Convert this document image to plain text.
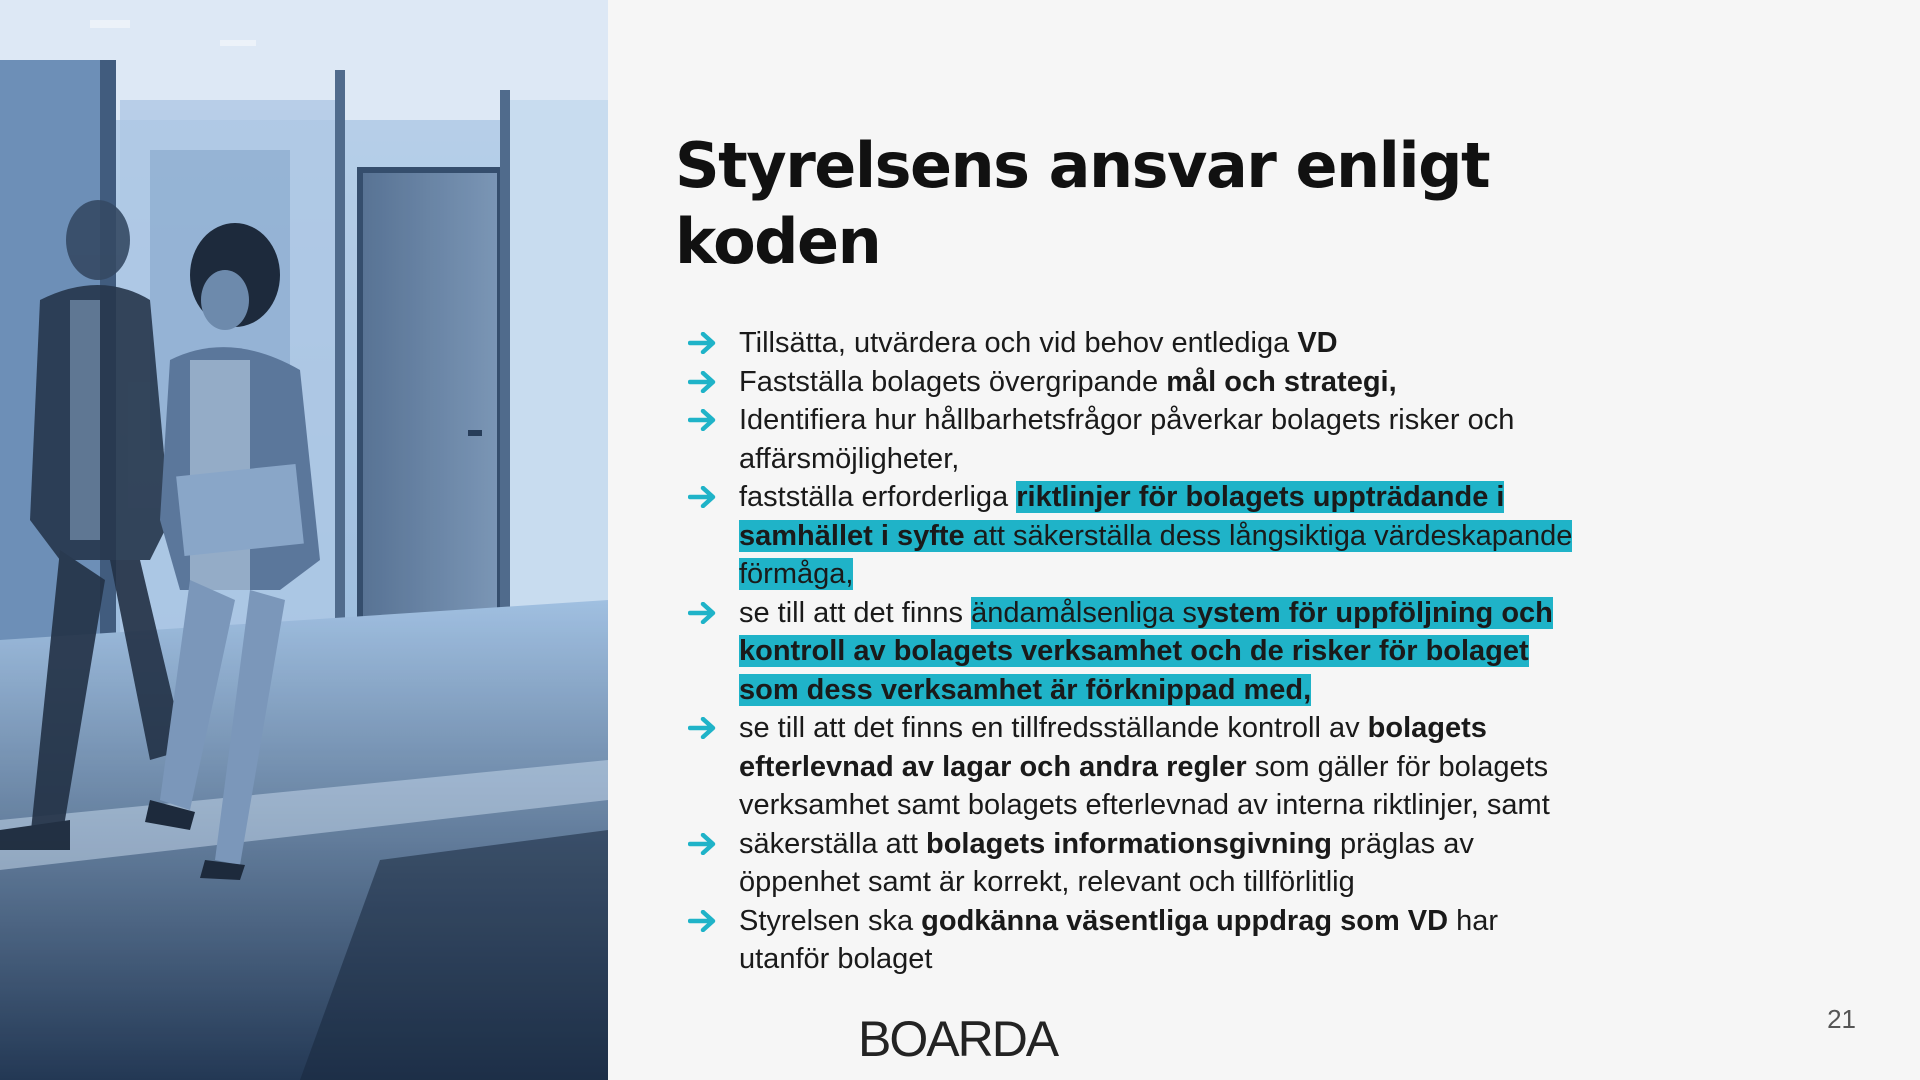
Styrelsens ansvar enligt koden
Tillsätta, utvärdera och vid behov entlediga VD
Fastställa bolagets övergripande mål och strategi,
Identifiera hur hållbarhetsfrågor påverkar bolagets risker och affärsmöjligheter,
fastställa erforderliga riktlinjer för bolagets uppträdande i samhället i syfte att säkerställa dess långsiktiga värdeskapande förmåga,
se till att det finns ändamålsenliga system för uppföljning och kontroll av bolagets verksamhet och de risker för bolaget som dess verksamhet är förknippad med,
se till att det finns en tillfredsställande kontroll av bolagets efterlevnad av lagar och andra regler som gäller för bolagets verksamhet samt bolagets efterlevnad av interna riktlinjer, samt
säkerställa att bolagets informationsgivning präglas av öppenhet samt är korrekt, relevant och tillförlitlig
Styrelsen ska godkänna väsentliga uppdrag som VD har utanför bolaget
BOARDA	21
